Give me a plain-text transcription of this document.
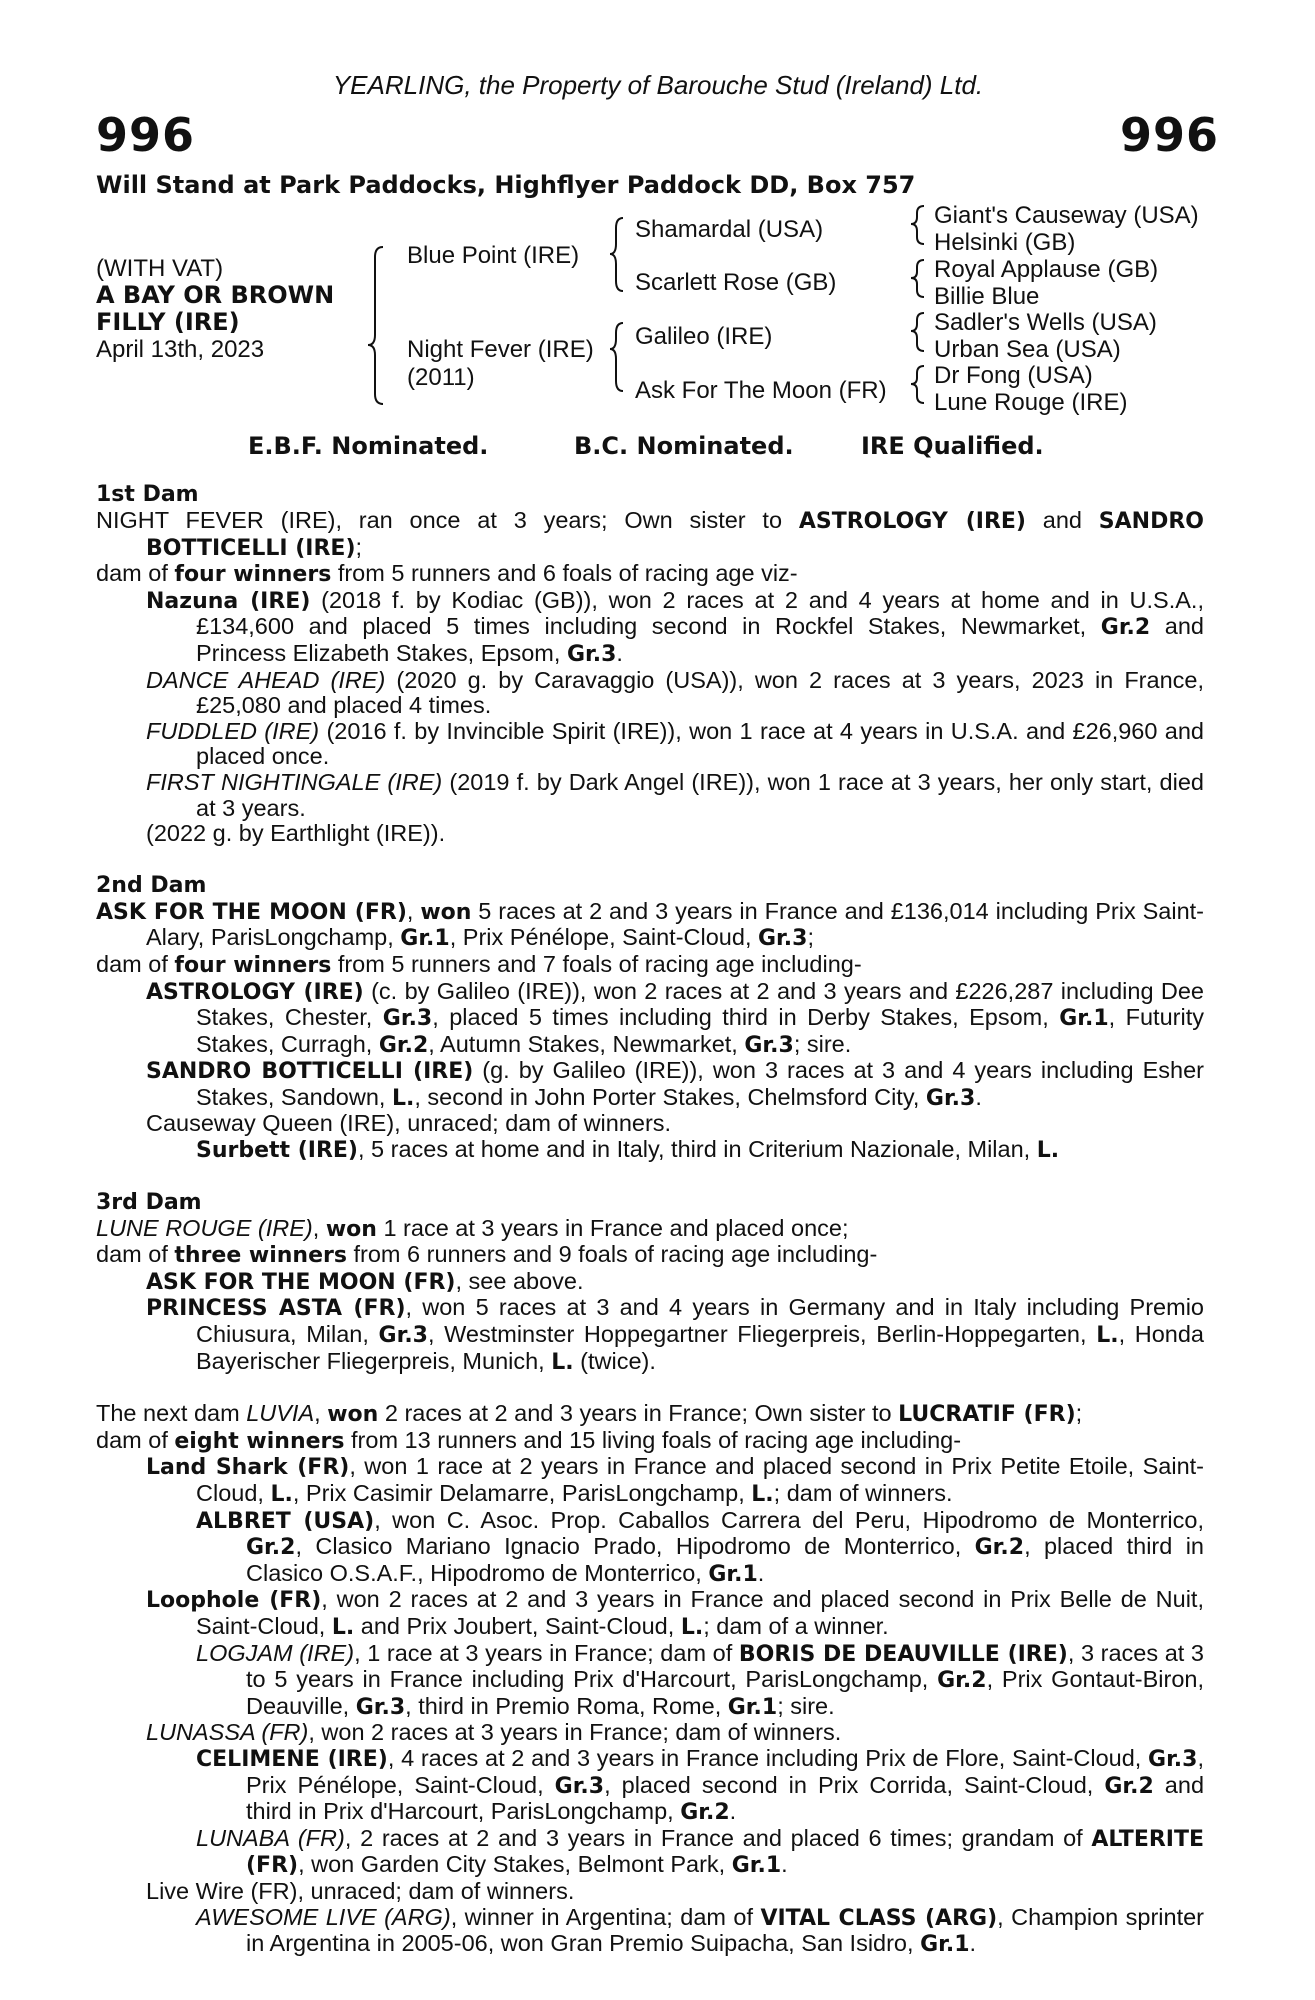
YEARLING, the Property of Barouche Stud (Ireland) Ltd.
996	996
Will Stand at Park Paddocks, Highflyer Paddock DD, Box 757
(WITH VAT)
A BAY OR BROWN
FILLY (IRE)
April 13th, 2023
Blue Point (IRE)
Night Fever (IRE)
(2011)
Shamardal (USA)
Scarlett Rose (GB)
Galileo (IRE)
Ask For The Moon (FR)
Giant's Causeway (USA)
Helsinki (GB)
Royal Applause (GB)
Billie Blue
Sadler's Wells (USA)
Urban Sea (USA)
Dr Fong (USA)
Lune Rouge (IRE)
E.B.F. Nominated.	B.C. Nominated.	IRE Qualified.
1st Dam

NIGHT FEVER (IRE), ran once at 3 years; Own sister to ASTROLOGY (IRE) and SANDRO BOTTICELLI (IRE);

dam of four winners from 5 runners and 6 foals of racing age viz-

Nazuna (IRE) (2018 f. by Kodiac (GB)), won 2 races at 2 and 4 years at home and in U.S.A., £134,600 and placed 5 times including second in Rockfel Stakes, Newmarket, Gr.2 and Princess Elizabeth Stakes, Epsom, Gr.3.

DANCE AHEAD (IRE) (2020 g. by Caravaggio (USA)), won 2 races at 3 years, 2023 in France, £25,080 and placed 4 times.

FUDDLED (IRE) (2016 f. by Invincible Spirit (IRE)), won 1 race at 4 years in U.S.A. and £26,960 and placed once.

FIRST NIGHTINGALE (IRE) (2019 f. by Dark Angel (IRE)), won 1 race at 3 years, her only start, died at 3 years.

(2022 g. by Earthlight (IRE)).

2nd Dam

ASK FOR THE MOON (FR), won 5 races at 2 and 3 years in France and £136,014 including Prix Saint-Alary, ParisLongchamp, Gr.1, Prix Pénélope, Saint-Cloud, Gr.3;

dam of four winners from 5 runners and 7 foals of racing age including-

ASTROLOGY (IRE) (c. by Galileo (IRE)), won 2 races at 2 and 3 years and £226,287 including Dee Stakes, Chester, Gr.3, placed 5 times including third in Derby Stakes, Epsom, Gr.1, Futurity Stakes, Curragh, Gr.2, Autumn Stakes, Newmarket, Gr.3; sire.

SANDRO BOTTICELLI (IRE) (g. by Galileo (IRE)), won 3 races at 3 and 4 years including Esher Stakes, Sandown, L., second in John Porter Stakes, Chelmsford City, Gr.3.

Causeway Queen (IRE), unraced; dam of winners.

Surbett (IRE), 5 races at home and in Italy, third in Criterium Nazionale, Milan, L.

3rd Dam

LUNE ROUGE (IRE), won 1 race at 3 years in France and placed once;

dam of three winners from 6 runners and 9 foals of racing age including-

ASK FOR THE MOON (FR), see above.

PRINCESS ASTA (FR), won 5 races at 3 and 4 years in Germany and in Italy including Premio Chiusura, Milan, Gr.3, Westminster Hoppegartner Fliegerpreis, Berlin-Hoppegarten, L., Honda Bayerischer Fliegerpreis, Munich, L. (twice).

The next dam LUVIA, won 2 races at 2 and 3 years in France; Own sister to LUCRATIF (FR);

dam of eight winners from 13 runners and 15 living foals of racing age including-

Land Shark (FR), won 1 race at 2 years in France and placed second in Prix Petite Etoile, Saint-Cloud, L., Prix Casimir Delamarre, ParisLongchamp, L.; dam of winners.

ALBRET (USA), won C. Asoc. Prop. Caballos Carrera del Peru, Hipodromo de Monterrico, Gr.2, Clasico Mariano Ignacio Prado, Hipodromo de Monterrico, Gr.2, placed third in Clasico O.S.A.F., Hipodromo de Monterrico, Gr.1.

Loophole (FR), won 2 races at 2 and 3 years in France and placed second in Prix Belle de Nuit, Saint-Cloud, L. and Prix Joubert, Saint-Cloud, L.; dam of a winner.

LOGJAM (IRE), 1 race at 3 years in France; dam of BORIS DE DEAUVILLE (IRE), 3 races at 3 to 5 years in France including Prix d'Harcourt, ParisLongchamp, Gr.2, Prix Gontaut-Biron, Deauville, Gr.3, third in Premio Roma, Rome, Gr.1; sire.

LUNASSA (FR), won 2 races at 3 years in France; dam of winners.

CELIMENE (IRE), 4 races at 2 and 3 years in France including Prix de Flore, Saint-Cloud, Gr.3, Prix Pénélope, Saint-Cloud, Gr.3, placed second in Prix Corrida, Saint-Cloud, Gr.2 and third in Prix d'Harcourt, ParisLongchamp, Gr.2.

LUNABA (FR), 2 races at 2 and 3 years in France and placed 6 times; grandam of ALTERITE (FR), won Garden City Stakes, Belmont Park, Gr.1.

Live Wire (FR), unraced; dam of winners.

AWESOME LIVE (ARG), winner in Argentina; dam of VITAL CLASS (ARG), Champion sprinter in Argentina in 2005-06, won Gran Premio Suipacha, San Isidro, Gr.1.
